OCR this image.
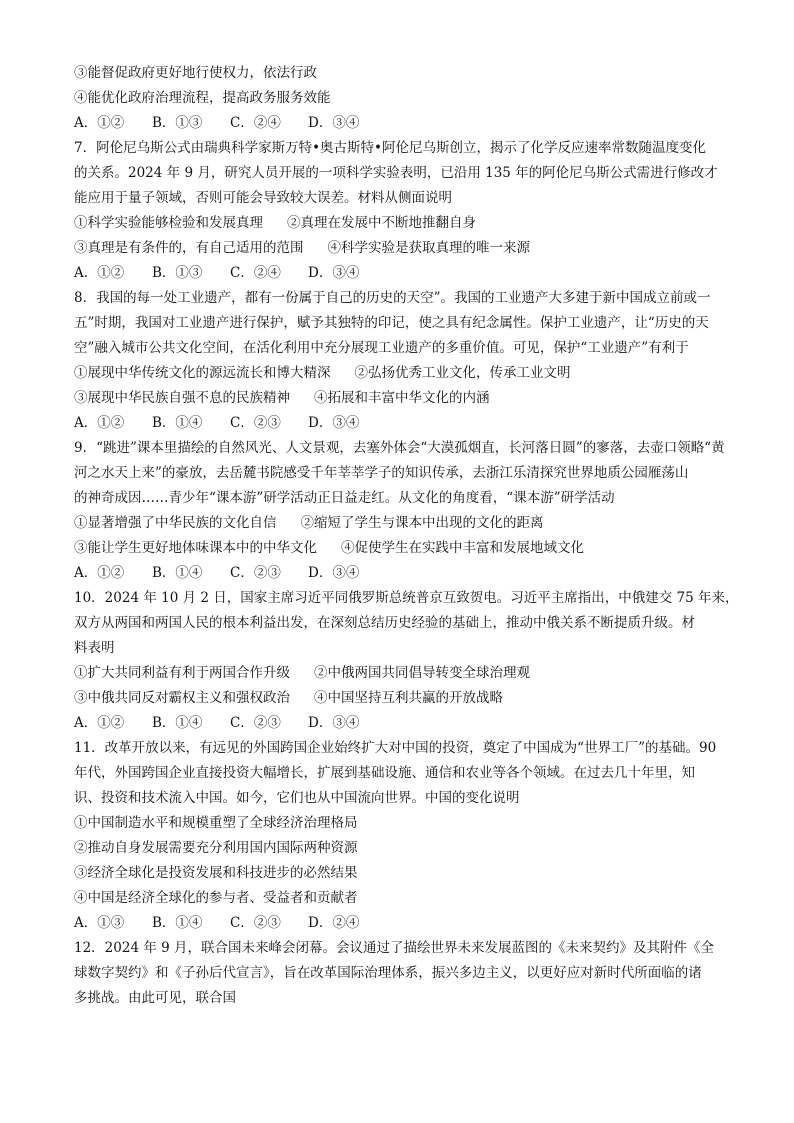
③能督促政府更好地行使权力，依法行政
④能优化政府治理流程，提高政务服务效能
A．①②	B．①③	C．②④	D．③④
7．阿伦尼乌斯公式由瑞典科学家斯万特•奥古斯特•阿伦尼乌斯创立，揭示了化学反应速率常数随温度变化
的关系。2024 年 9 月，研究人员开展的一项科学实验表明，已沿用 135 年的阿伦尼乌斯公式需进行修改才
能应用于量子领域，否则可能会导致较大误差。材料从侧面说明
①科学实验能够检验和发展真理 ②真理在发展中不断地推翻自身
③真理是有条件的，有自己适用的范围 ④科学实验是获取真理的唯一来源
A．①②	B．①③	C．②④	D．③④
8．我国的每一处工业遗产，都有一份属于自己的历史的天空”。我国的工业遗产大多建于新中国成立前或一
五”时期，我国对工业遗产进行保护，赋予其独特的印记，使之具有纪念属性。保护工业遗产，让“历史的天
空”融入城市公共文化空间，在活化利用中充分展现工业遗产的多重价值。可见，保护“工业遗产”有利于
①展现中华传统文化的源远流长和博大精深 ②弘扬优秀工业文化，传承工业文明
③展现中华民族自强不息的民族精神 ④拓展和丰富中华文化的内涵
A．①②	B．①④	C．②③	D．③④
9．“跳进”课本里描绘的自然风光、人文景观，去塞外体会“大漠孤烟直，长河落日圆”的寥落，去壶口领略“黄
河之水天上来”的豪放，去岳麓书院感受千年莘莘学子的知识传承，去浙江乐清探究世界地质公园雁荡山
的神奇成因……青少年“课本游”研学活动正日益走红。从文化的角度看，“课本游”研学活动
①显著增强了中华民族的文化自信 ②缩短了学生与课本中出现的文化的距离
③能让学生更好地体味课本中的中华文化 ④促使学生在实践中丰富和发展地域文化
A．①②	B．①④	C．②③	D．③④
10．2024 年 10 月 2 日，国家主席习近平同俄罗斯总统普京互致贺电。习近平主席指出，中俄建交 75 年来，
双方从两国和两国人民的根本利益出发，在深刻总结历史经验的基础上，推动中俄关系不断提质升级。材
料表明
①扩大共同利益有利于两国合作升级 ②中俄两国共同倡导转变全球治理观
③中俄共同反对霸权主义和强权政治 ④中国坚持互利共赢的开放战略
A．①②	B．①④	C．②③	D．③④
11．改革开放以来，有远见的外国跨国企业始终扩大对中国的投资，奠定了中国成为“世界工厂”的基础。90
年代，外国跨国企业直接投资大幅增长，扩展到基础设施、通信和农业等各个领域。在过去几十年里，知
识、投资和技术流入中国。如今，它们也从中国流向世界。中国的变化说明
①中国制造水平和规模重塑了全球经济治理格局
②推动自身发展需要充分利用国内国际两种资源
③经济全球化是投资发展和科技进步的必然结果
④中国是经济全球化的参与者、受益者和贡献者
A．①③	B．①④	C．②③	D．②④
12．2024 年 9 月，联合国未来峰会闭幕。会议通过了描绘世界未来发展蓝图的《未来契约》及其附件《全
球数字契约》和《子孙后代宣言》，旨在改革国际治理体系，振兴多边主义，以更好应对新时代所面临的诸
多挑战。由此可见，联合国
